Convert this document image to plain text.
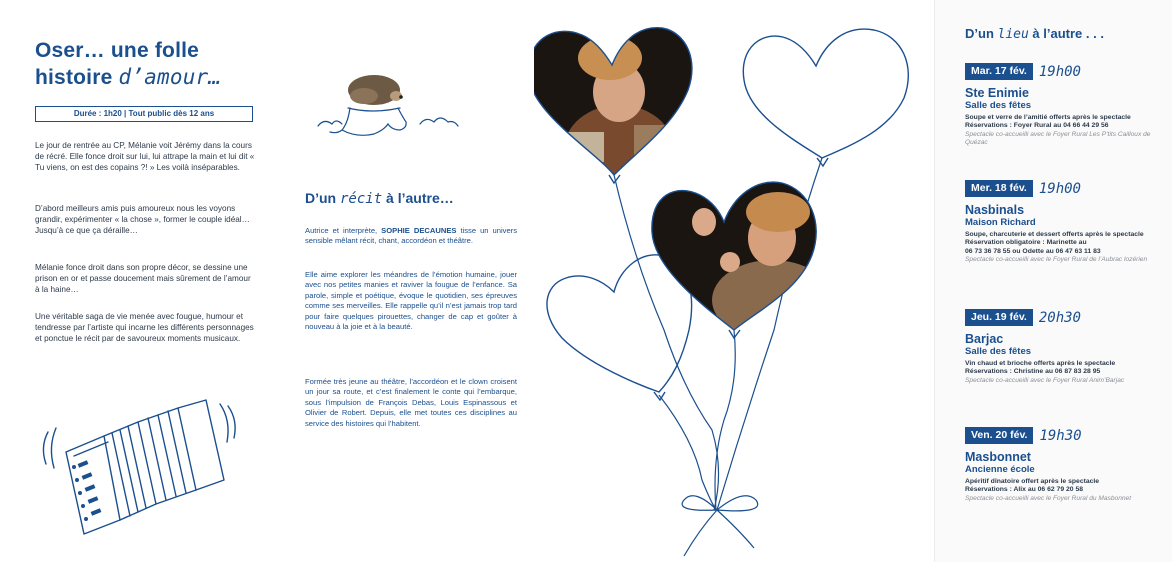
Oser… une folle
histoire d’amour…
Durée : 1h20 | Tout public dès 12 ans

Le jour de rentrée au CP, Mélanie voit Jérémy dans la cours de récré. Elle fonce droit sur lui, lui attrape la main et lui dit « Tu viens, on est des copains ?! » Les voilà inséparables.

D’abord meilleurs amis puis amoureux nous les voyons grandir, expérimenter « la chose », former le couple idéal… Jusqu’à ce que ça déraille…

Mélanie fonce droit dans son propre décor, se dessine une prison en or et passe doucement mais sûrement de l’amour à la haine…

Une véritable saga de vie menée avec fougue, humour et tendresse par l’artiste qui incarne les différents personnages et ponctue le récit par de savoureux moments musicaux.

D’un récit à l’autre…

Autrice et interprète, SOPHIE DECAUNES tisse un univers sensible mêlant récit, chant, accordéon et théâtre.

Elle aime explorer les méandres de l’émotion humaine, jouer avec nos petites manies et raviver la fougue de l’enfance. Sa parole, simple et poétique, évoque le quotidien, ses épreuves comme ses merveilles. Elle rappelle qu’il n’est jamais trop tard pour faire quelques pirouettes, changer de cap et goûter à nouveau à la joie et à la beauté.

Formée très jeune au théâtre, l’accordéon et le clown croisent un jour sa route, et c’est finalement le conte qui l’embarque, sous l’impulsion de François Debas, Louis Espinassous et Olivier de Robert. Depuis, elle met toutes ces disciplines au service des histoires qui l’habitent.

D’un lieu à l’autre . . .
Mar. 17 fév. 19h00
Ste Enimie
Salle des fêtes
Soupe et verre de l’amitié offerts après le spectacle
Réservations : Foyer Rural au 04 66 44 29 56
Spectacle co-accueilli avec le Foyer Rural Les P’tits Cailloux de Quézac
Mer. 18 fév. 19h00
Nasbinals
Maison Richard
Soupe, charcuterie et dessert offerts après le spectacle
Réservation obligatoire : Marinette au
06 73 36 78 55 ou Odette au 06 47 63 11 83
Spectacle co-accueilli avec le Foyer Rural de l’Aubrac lozérien
Jeu. 19 fév. 20h30
Barjac
Salle des fêtes
Vin chaud et brioche offerts après le spectacle
Réservations : Christine au 06 87 83 28 95
Spectacle co-accueilli avec le Foyer Rural Anim’Barjac
Ven. 20 fév. 19h30
Masbonnet
Ancienne école
Apéritif dînatoire offert après le spectacle
Réservations : Alix au 06 62 79 20 58
Spectacle co-accueilli avec le Foyer Rural du Masbonnet
